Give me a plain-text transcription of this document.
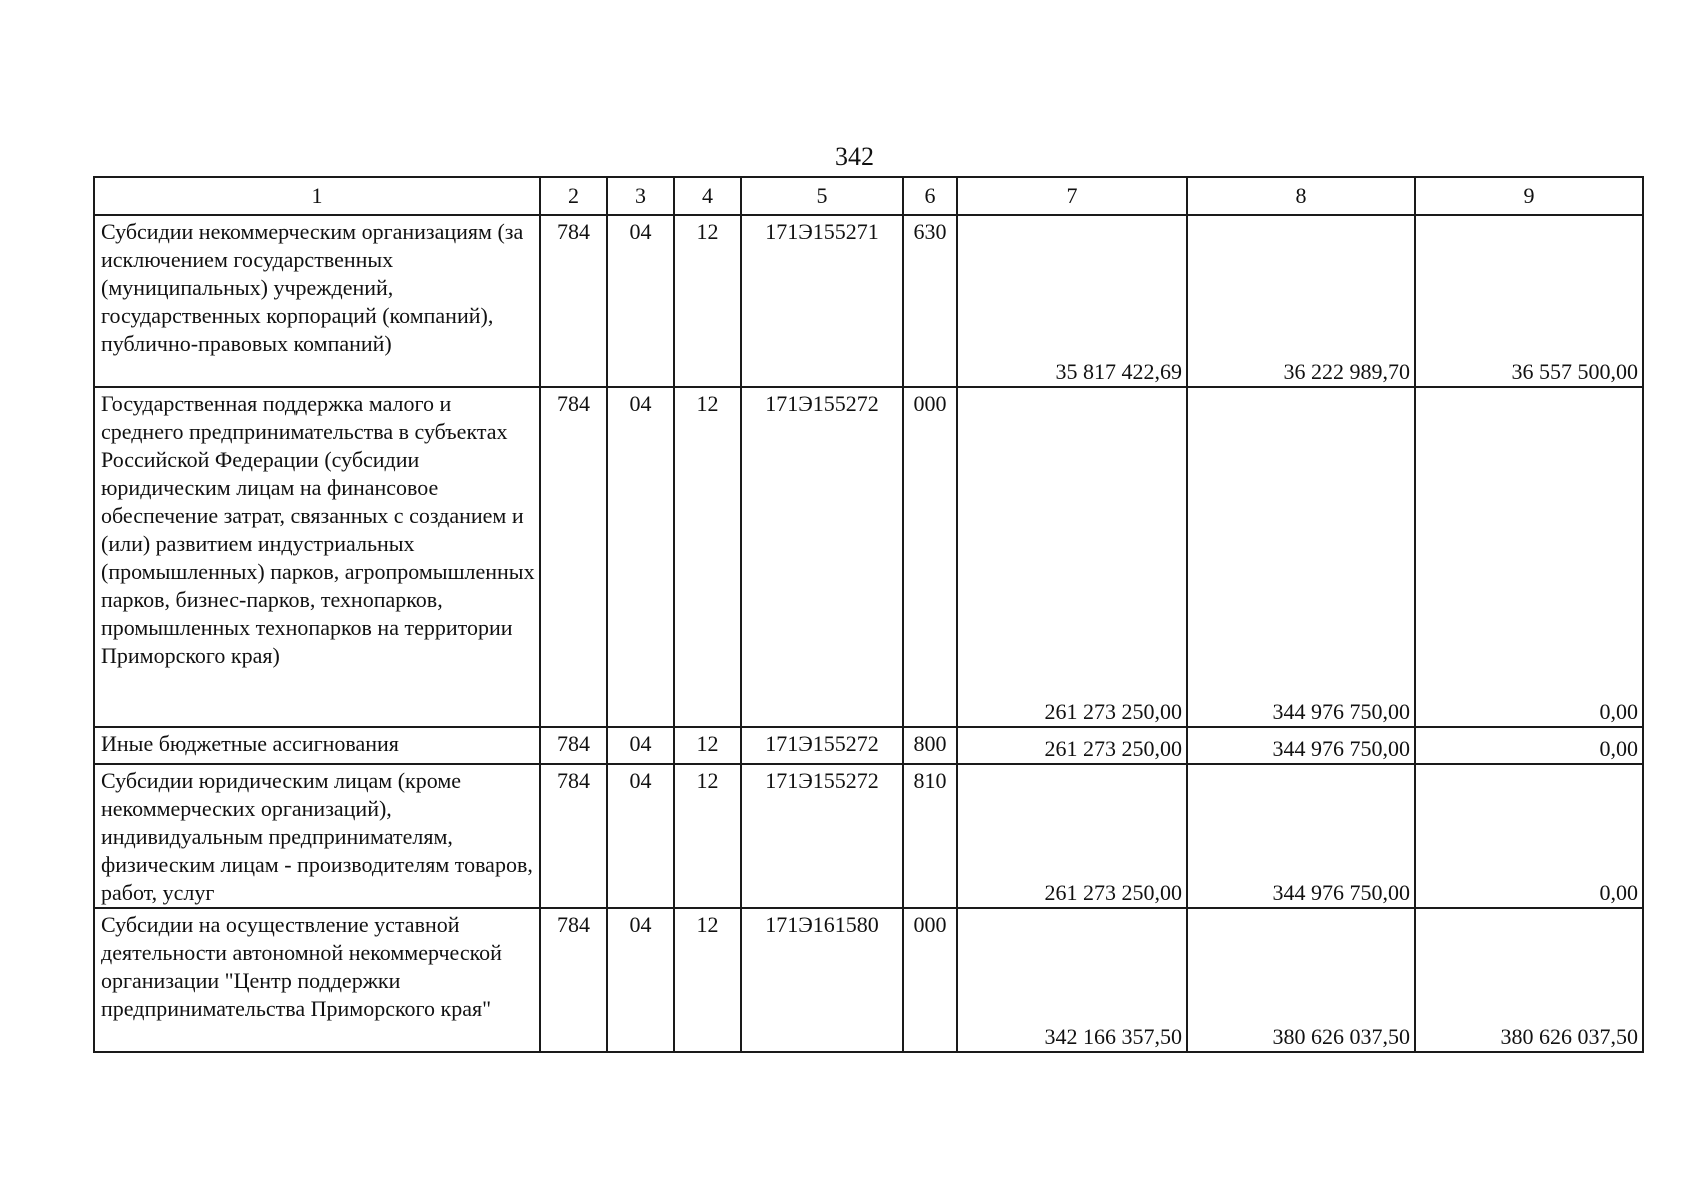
342
1	2	3	4	5	6	7	8	9
Субсидии некоммерческим организациям (за исключением государственных (муниципальных) учреждений, государственных корпораций (компаний), публично-правовых компаний)	784	04	12	171Э155271	630	35 817 422,69	36 222 989,70	36 557 500,00
Государственная поддержка малого и среднего предпринимательства в субъектах Российской Федерации (субсидии юридическим лицам на финансовое обеспечение затрат, связанных с созданием и (или) развитием индустриальных (промышленных) парков, агропромышленных парков, бизнес-парков, технопарков, промышленных технопарков на территории Приморского края)	784	04	12	171Э155272	000	261 273 250,00	344 976 750,00	0,00
Иные бюджетные ассигнования	784	04	12	171Э155272	800	261 273 250,00	344 976 750,00	0,00
Субсидии юридическим лицам (кроме некоммерческих организаций), индивидуальным предпринимателям, физическим лицам - производителям товаров, работ, услуг	784	04	12	171Э155272	810	261 273 250,00	344 976 750,00	0,00
Субсидии на осуществление уставной деятельности автономной некоммерческой организации "Центр поддержки предпринимательства Приморского края"	784	04	12	171Э161580	000	342 166 357,50	380 626 037,50	380 626 037,50
